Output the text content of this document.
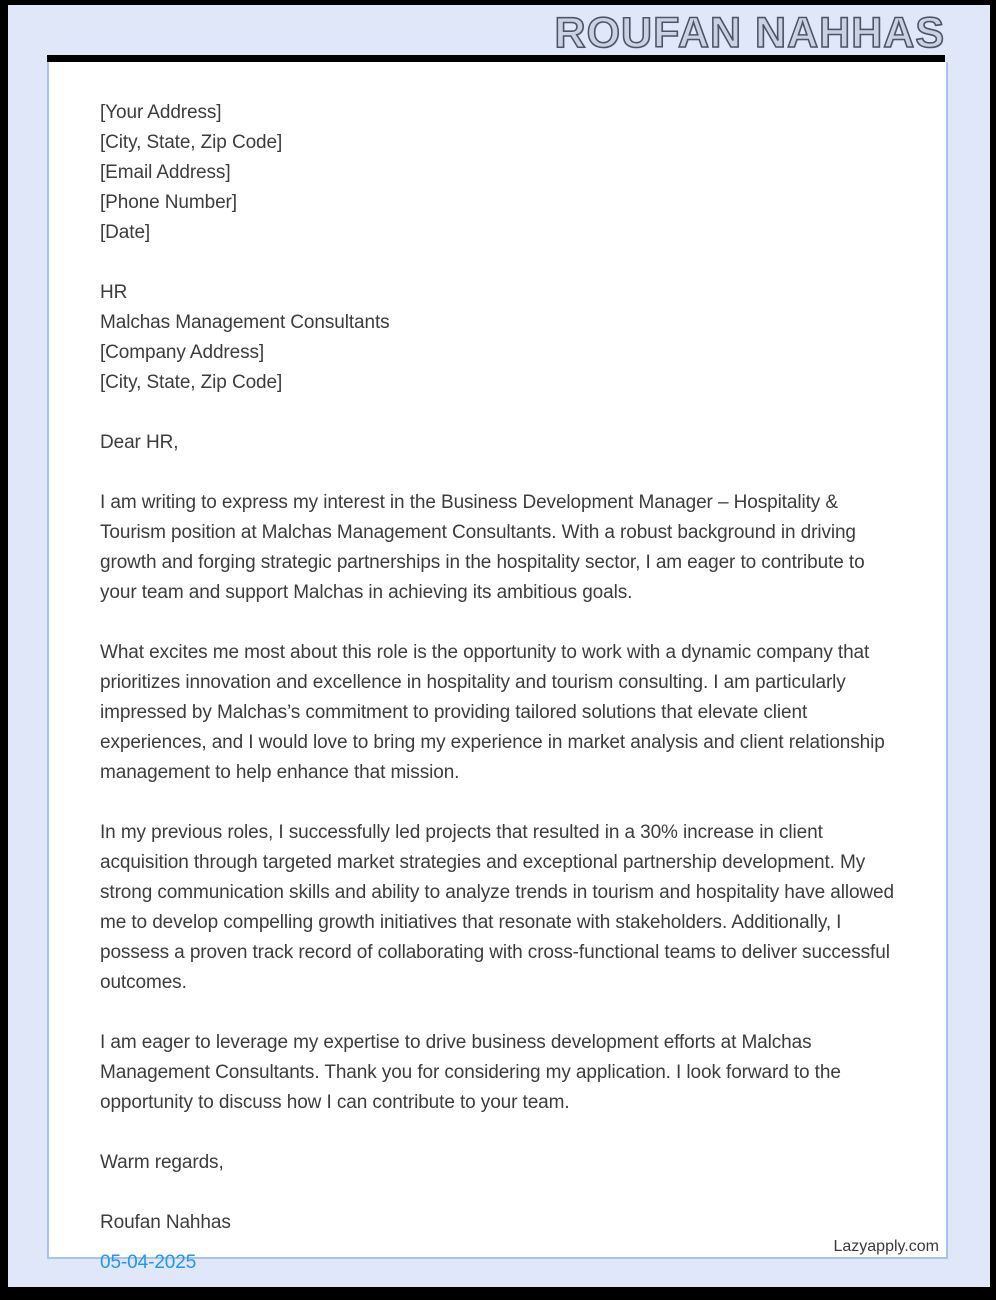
ROUFAN NAHHAS
[Your Address]
[City, State, Zip Code]
[Email Address]
[Phone Number]
[Date]
HR
Malchas Management Consultants
[Company Address]
[City, State, Zip Code]

Dear HR,

I am writing to express my interest in the Business Development Manager – Hospitality & Tourism position at Malchas Management Consultants. With a robust background in driving growth and forging strategic partnerships in the hospitality sector, I am eager to contribute to your team and support Malchas in achieving its ambitious goals.

What excites me most about this role is the opportunity to work with a dynamic company that prioritizes innovation and excellence in hospitality and tourism consulting. I am particularly impressed by Malchas’s commitment to providing tailored solutions that elevate client experiences, and I would love to bring my experience in market analysis and client relationship management to help enhance that mission.

In my previous roles, I successfully led projects that resulted in a 30% increase in client acquisition through targeted market strategies and exceptional partnership development. My strong communication skills and ability to analyze trends in tourism and hospitality have allowed me to develop compelling growth initiatives that resonate with stakeholders. Additionally, I possess a proven track record of collaborating with cross-functional teams to deliver successful outcomes.

I am eager to leverage my expertise to drive business development efforts at Malchas Management Consultants. Thank you for considering my application. I look forward to the opportunity to discuss how I can contribute to your team.

Warm regards,

Roufan Nahhas

05-04-2025

Lazyapply.com
